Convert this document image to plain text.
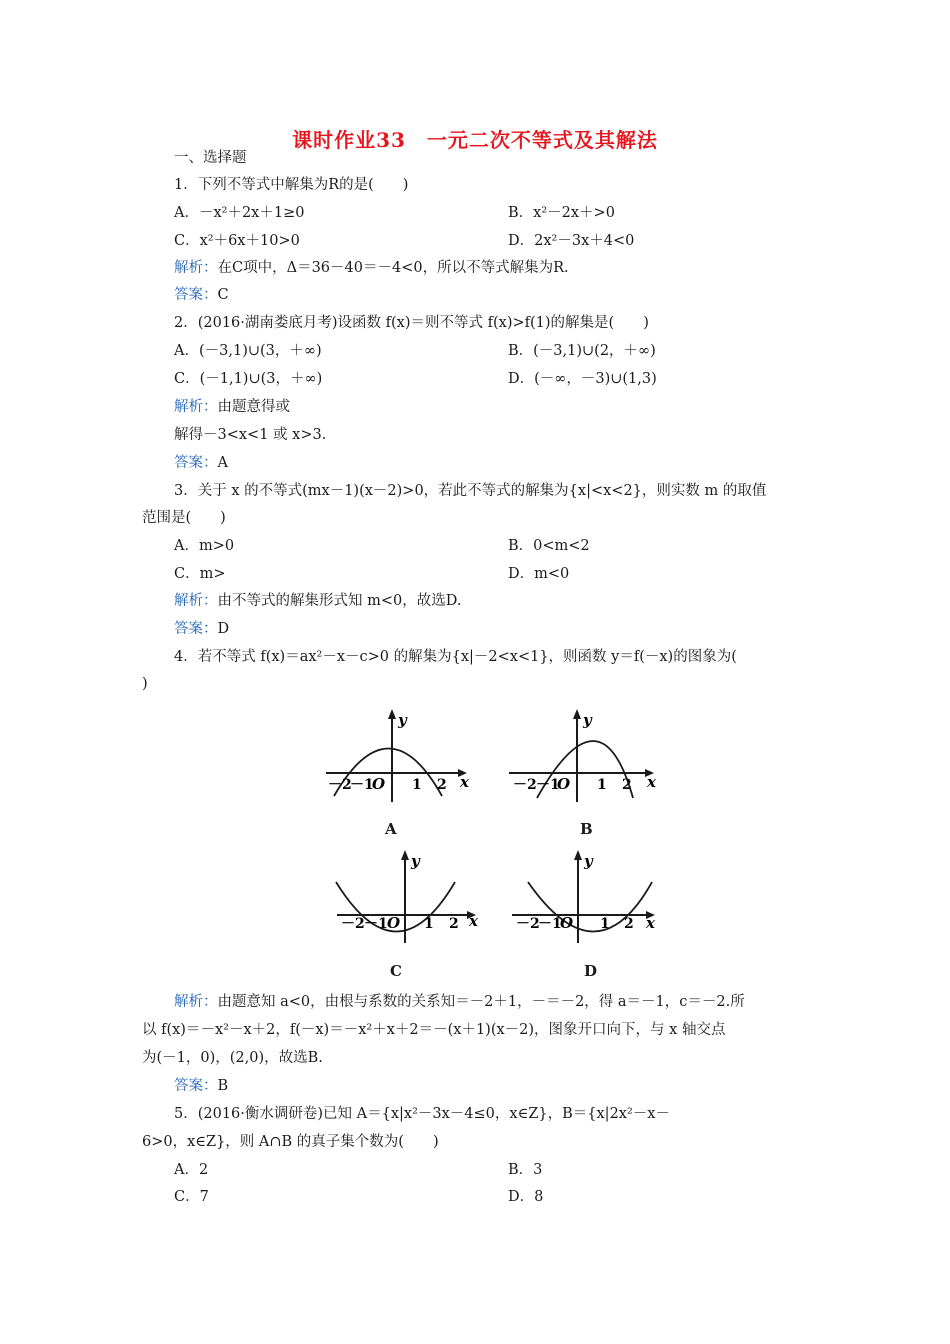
课时作业33　一元二次不等式及其解法
一、选择题
1．下列不等式中解集为R的是(　　)
A．－x²＋2x＋1≥0	B．x²－2x＋>0
C．x²＋6x＋10>0	D．2x²－3x＋4<0
解析：在C项中，Δ＝36－40＝－4<0，所以不等式解集为R.
答案：C
2．(2016·湖南娄底月考)设函数 f(x)＝则不等式 f(x)>f(1)的解集是(　　)
A．(－3,1)∪(3，＋∞)	B．(－3,1)∪(2，＋∞)
C．(－1,1)∪(3，＋∞)	D．(－∞，－3)∪(1,3)
解析：由题意得或
解得－3<x<1 或 x>3.
答案：A
3．关于 x 的不等式(mx－1)(x－2)>0，若此不等式的解集为{x|<x<2}，则实数 m 的取值
范围是(　　)
A．m>0	B．0<m<2
C．m>	D．m<0
解析：由不等式的解集形式知 m<0，故选D.
答案：D
4．若不等式 f(x)＝ax²－x－c>0 的解集为{x|－2<x<1}，则函数 y＝f(－x)的图象为(
)
y
x
O
－2
－1	1 2
A
y
x
O
－2 －1	1 2
B
y
x
O
－2 －1	1 2
C
y
x
O
－2
－1	1 2
D
解析：由题意知 a<0，由根与系数的关系知＝－2＋1，－＝－2，得 a＝－1，c＝－2.所
以 f(x)＝－x²－x＋2，f(－x)＝－x²＋x＋2＝－(x＋1)(x－2)，图象开口向下，与 x 轴交点
为(－1，0)，(2,0)，故选B.
答案：B
5．(2016·衡水调研卷)已知 A＝{x|x²－3x－4≤0，x∈Z}，B＝{x|2x²－x－
6>0，x∈Z}，则 A∩B 的真子集个数为(　　)
A．2	B．3
C．7	D．8
